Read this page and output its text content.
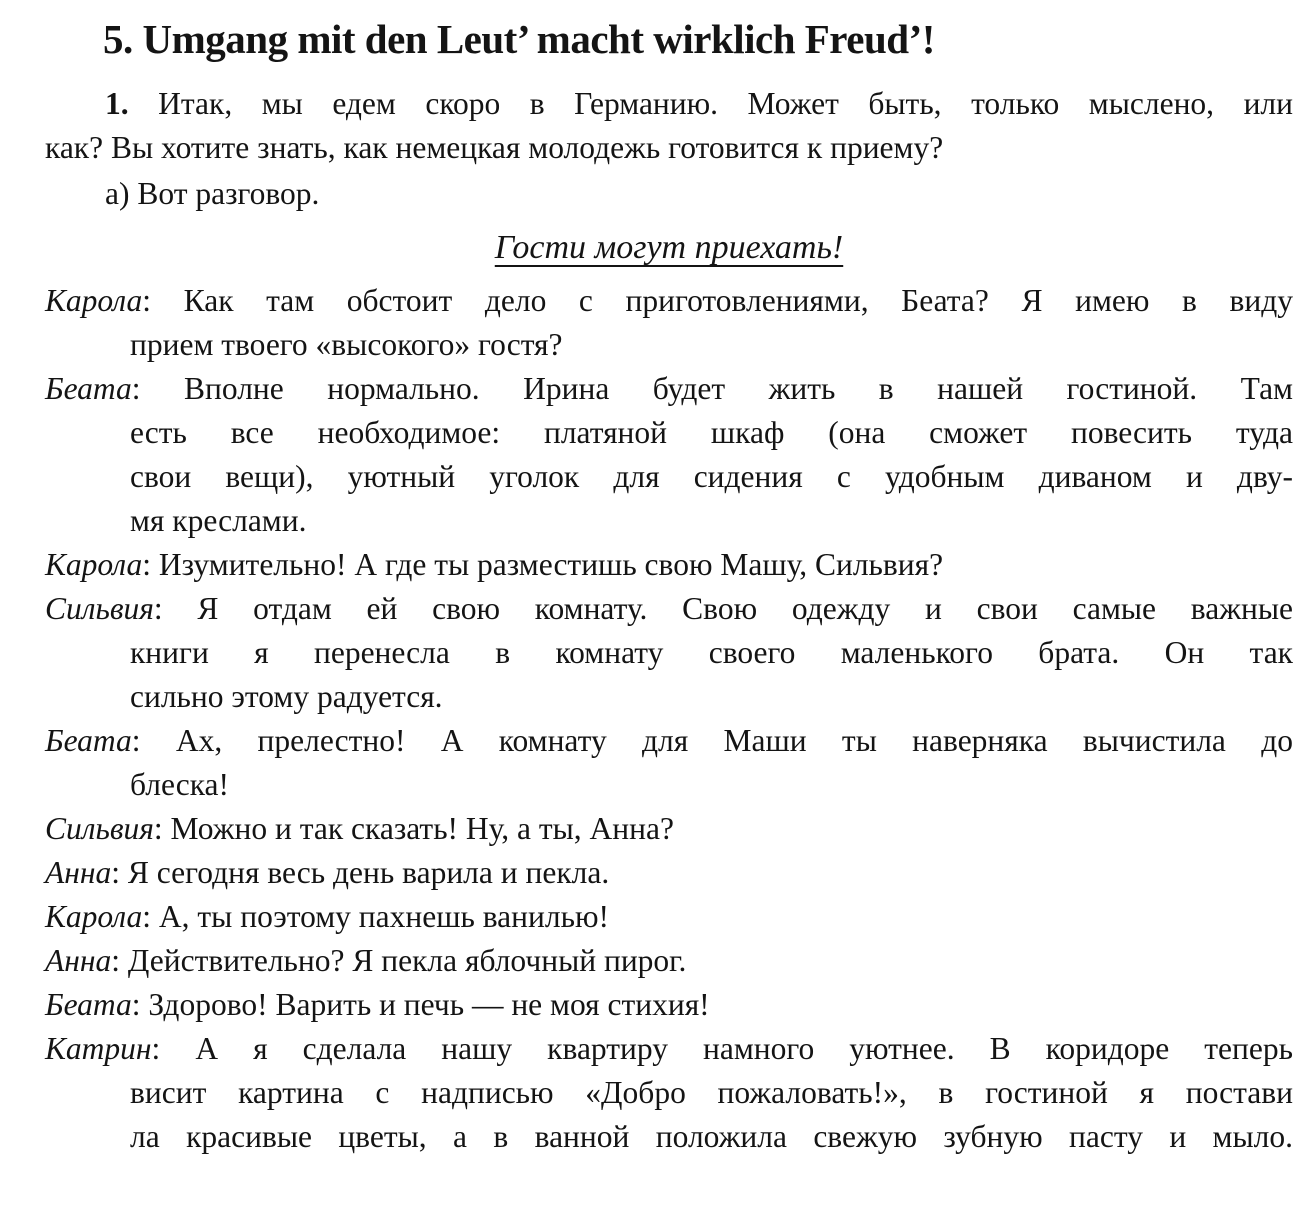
5. Umgang mit den Leut’ macht wirklich Freud’!
1. Итак, мы едем скоро в Германию. Может быть, только мыслено, или
как? Вы хотите знать, как немецкая молодежь готовится к приему?
а) Вот разговор.
Гости могут приехать!
Карола: Как там обстоит дело с приготовлениями, Беата? Я имею в виду
прием твоего «высокого» гостя?
Беата: Вполне нормально. Ирина будет жить в нашей гостиной. Там
есть все необходимое: платяной шкаф (она сможет повесить туда
свои вещи), уютный уголок для сидения с удобным диваном и дву-
мя креслами.
Карола: Изумительно! А где ты разместишь свою Машу, Сильвия?
Сильвия: Я отдам ей свою комнату. Свою одежду и свои самые важные
книги я перенесла в комнату своего маленького брата. Он так
сильно этому радуется.
Беата: Ах, прелестно! А комнату для Маши ты наверняка вычистила до
блеска!
Сильвия: Можно и так сказать! Ну, а ты, Анна?
Анна: Я сегодня весь день варила и пекла.
Карола: А, ты поэтому пахнешь ванилью!
Анна: Действительно? Я пекла яблочный пирог.
Беата: Здорово! Варить и печь — не моя стихия!
Катрин: А я сделала нашу квартиру намного уютнее. В коридоре теперь
висит картина с надписью «Добро пожаловать!», в гостиной я постави
ла красивые цветы, а в ванной положила свежую зубную пасту и мыло.
